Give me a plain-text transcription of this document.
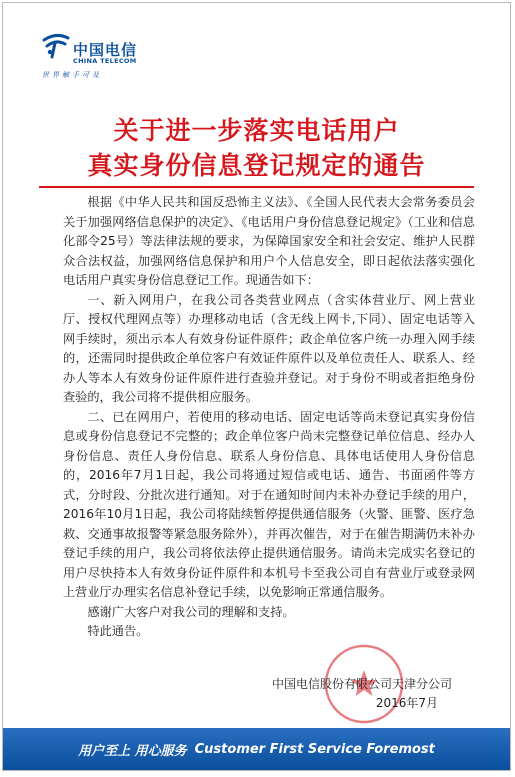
中国电信
CHINA TELECOM
世界触手可及
关于进一步落实电话用户
真实身份信息登记规定的通告

根据《中华人民共和国反恐怖主义法》、《全国人民代表大会常务委员会关于加强网络信息保护的决定》、《电话用户身份信息登记规定》（工业和信息化部令25号）等法律法规的要求，为保障国家安全和社会安定、维护人民群众合法权益，加强网络信息保护和用户个人信息安全，即日起依法落实强化电话用户真实身份信息登记工作。现通告如下：

一、新入网用户，在我公司各类营业网点（含实体营业厅、网上营业厅、授权代理网点等）办理移动电话（含无线上网卡,下同）、固定电话等入网手续时，须出示本人有效身份证件原件；政企单位客户统一办理入网手续的，还需同时提供政企单位客户有效证件原件以及单位责任人、联系人、经办人等本人有效身份证件原件进行查验并登记。对于身份不明或者拒绝身份查验的，我公司将不提供相应服务。

二、已在网用户，若使用的移动电话、固定电话等尚未登记真实身份信息或身份信息登记不完整的；政企单位客户尚未完整登记单位信息、经办人身份信息、责任人身份信息、联系人身份信息、具体电话使用人身份信息的，2016年7月1日起，我公司将通过短信或电话、通告、书面函件等方式，分时段、分批次进行通知。对于在通知时间内未补办登记手续的用户，2016年10月1日起，我公司将陆续暂停提供通信服务（火警、匪警、医疗急救、交通事故报警等紧急服务除外），并再次催告，对于在催告期满仍未补办登记手续的用户，我公司将依法停止提供通信服务。请尚未完成实名登记的用户尽快持本人有效身份证件原件和本机号卡至我公司自有营业厅或登录网上营业厅办理实名信息补登记手续，以免影响正常通信服务。

感谢广大客户对我公司的理解和支持。

特此通告。

中国电信股份有限公司天津分公司
2016年7月
用户至上 用心服务 Customer First Service Foremost
